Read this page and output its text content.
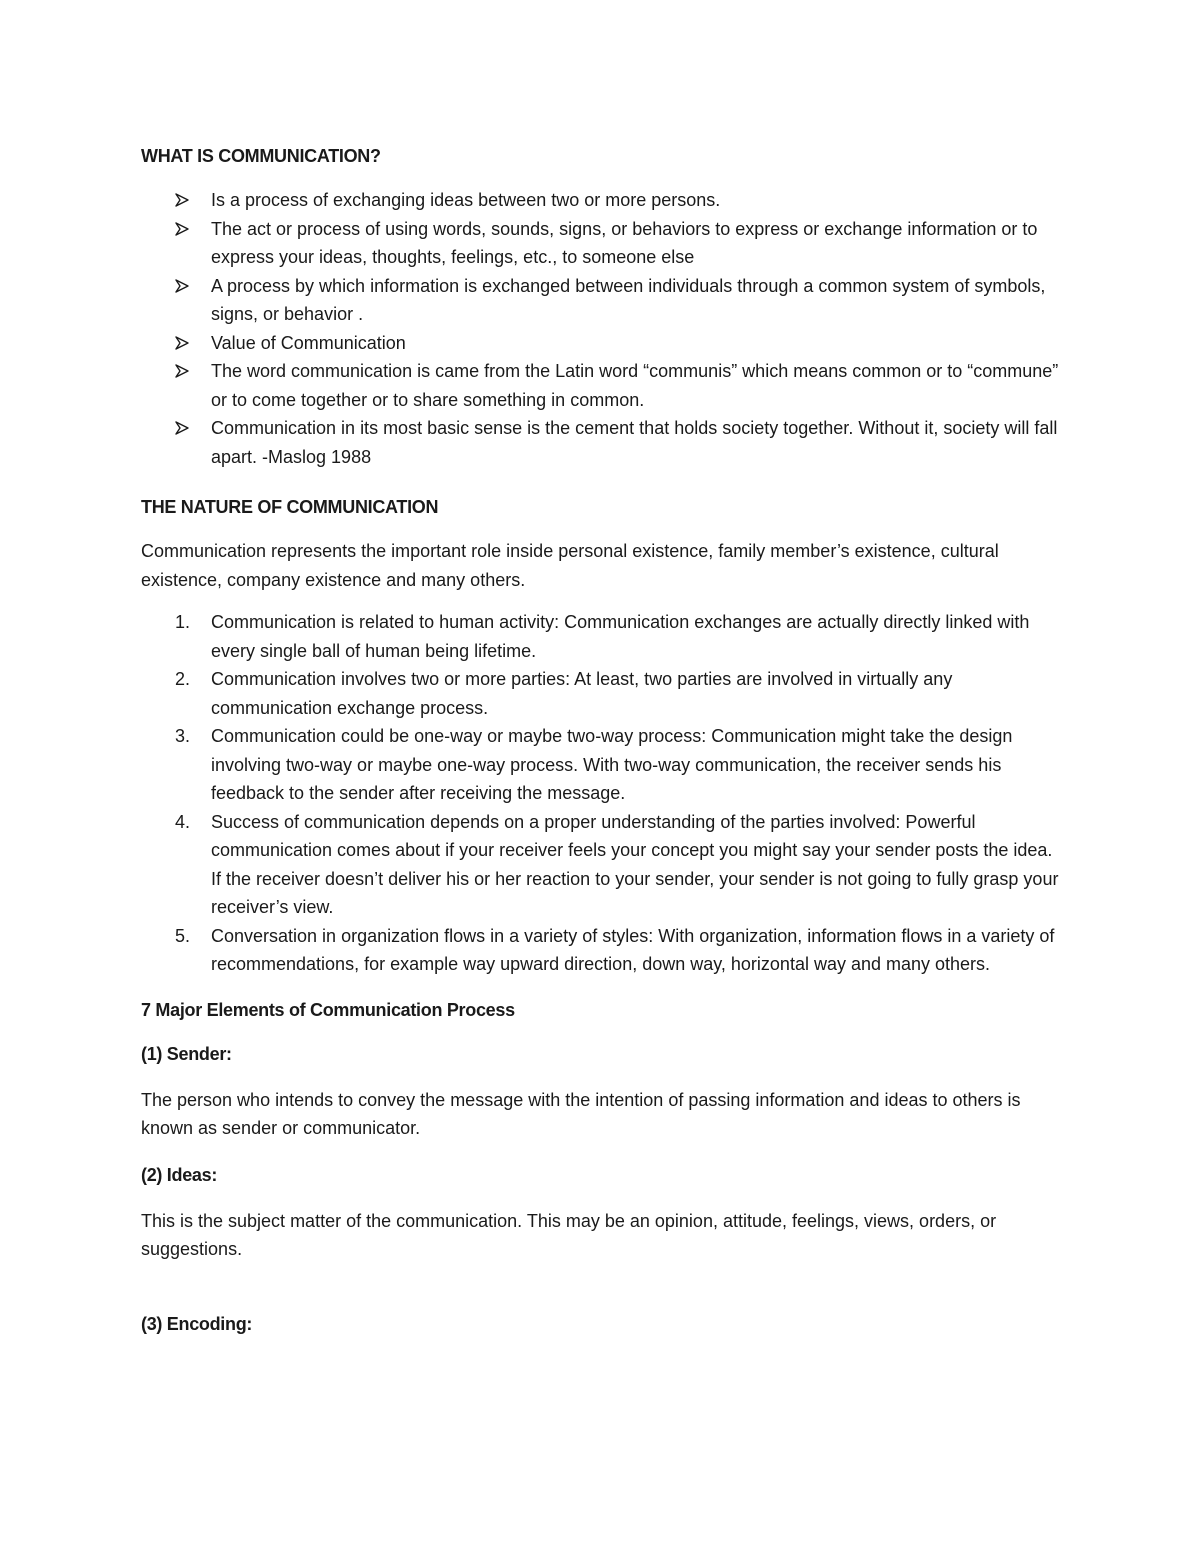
WHAT IS COMMUNICATION?
Is a process of exchanging ideas between two or more persons.
The act or process of using words, sounds, signs, or behaviors to express or exchange information or to express your ideas, thoughts, feelings, etc., to someone else
A process by which information is exchanged between individuals through a common system of symbols, signs, or behavior .
Value of Communication
The word communication is came from the Latin word “communis” which means common or to “commune” or to come together or to share something in common.
Communication in its most basic sense is the cement that holds society together. Without it, society will fall apart. -Maslog 1988
THE NATURE OF COMMUNICATION

Communication represents the important role inside personal existence, family member’s existence, cultural existence, company existence and many others.

1. Communication is related to human activity: Communication exchanges are actually directly linked with every single ball of human being lifetime.
2. Communication involves two or more parties: At least, two parties are involved in virtually any communication exchange process.
3. Communication could be one-way or maybe two-way process: Communication might take the design involving two-way or maybe one-way process. With two-way communication, the receiver sends his feedback to the sender after receiving the message.
4. Success of communication depends on a proper understanding of the parties involved: Powerful communication comes about if your receiver feels your concept you might say your sender posts the idea. If the receiver doesn’t deliver his or her reaction to your sender, your sender is not going to fully grasp your receiver’s view.
5. Conversation in organization flows in a variety of styles: With organization, information flows in a variety of recommendations, for example way upward direction, down way, horizontal way and many others.
7 Major Elements of Communication Process
(1) Sender:

The person who intends to convey the message with the intention of passing information and ideas to others is known as sender or communicator.

(2) Ideas:

This is the subject matter of the communication. This may be an opinion, attitude, feelings, views, orders, or suggestions.

(3) Encoding:
